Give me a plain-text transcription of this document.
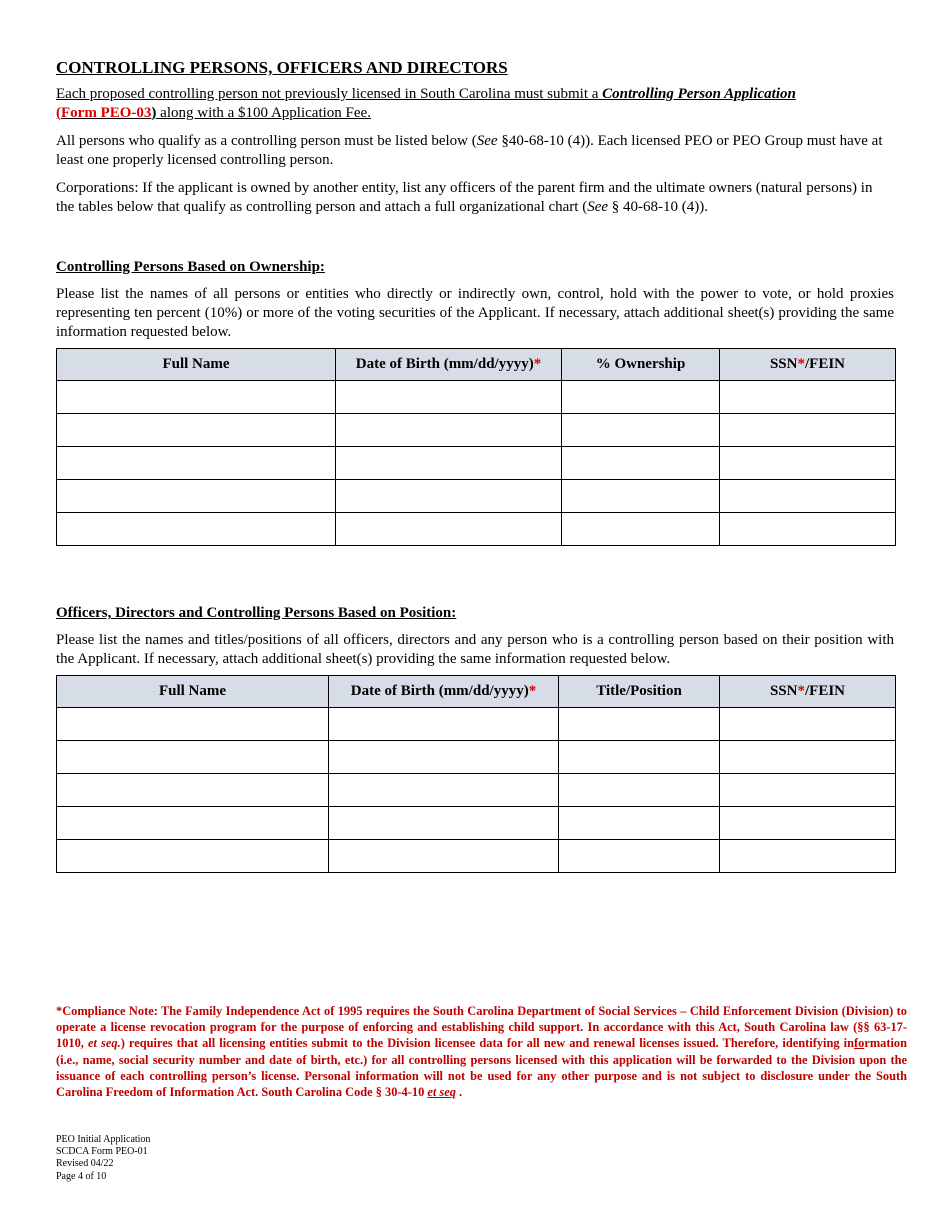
CONTROLLING PERSONS, OFFICERS AND DIRECTORS
Each proposed controlling person not previously licensed in South Carolina must submit a Controlling Person Application
(Form PEO-03) along with a $100 Application Fee.
All persons who qualify as a controlling person must be listed below (See §40-68-10 (4)). Each licensed PEO or PEO Group must have at least one properly licensed controlling person.
Corporations: If the applicant is owned by another entity, list any officers of the parent firm and the ultimate owners (natural persons) in the tables below that qualify as controlling person and attach a full organizational chart (See § 40-68-10 (4)).
Controlling Persons Based on Ownership:
Please list the names of all persons or entities who directly or indirectly own, control, hold with the power to vote, or hold proxies representing ten percent (10%) or more of the voting securities of the Applicant. If necessary, attach additional sheet(s) providing the same information requested below.
Full Name	Date of Birth (mm/dd/yyyy)*	% Ownership	SSN*/FEIN

Officers, Directors and Controlling Persons Based on Position:
Please list the names and titles/positions of all officers, directors and any person who is a controlling person based on their position with the Applicant. If necessary, attach additional sheet(s) providing the same information requested below.
Full Name	Date of Birth (mm/dd/yyyy)*	Title/Position	SSN*/FEIN

*Compliance Note: The Family Independence Act of 1995 requires the South Carolina Department of Social Services – Child Enforcement Division (Division) to operate a license revocation program for the purpose of enforcing and establishing child support. In accordance with this Act, South Carolina law (§§ 63-17-1010, et seq.) requires that all licensing entities submit to the Division licensee data for all new and renewal licenses issued. Therefore, identifying information (i.e., name, social security number and date of birth, etc.) for all controlling persons licensed with this application will be forwarded to the Division upon the issuance of each controlling person’s license. Personal information will not be used for any other purpose and is not subject to disclosure under the South Carolina Freedom of Information Act. South Carolina Code § 30-4-10 et seq .
PEO Initial Application
SCDCA Form PEO-01
Revised 04/22
Page 4 of 10
